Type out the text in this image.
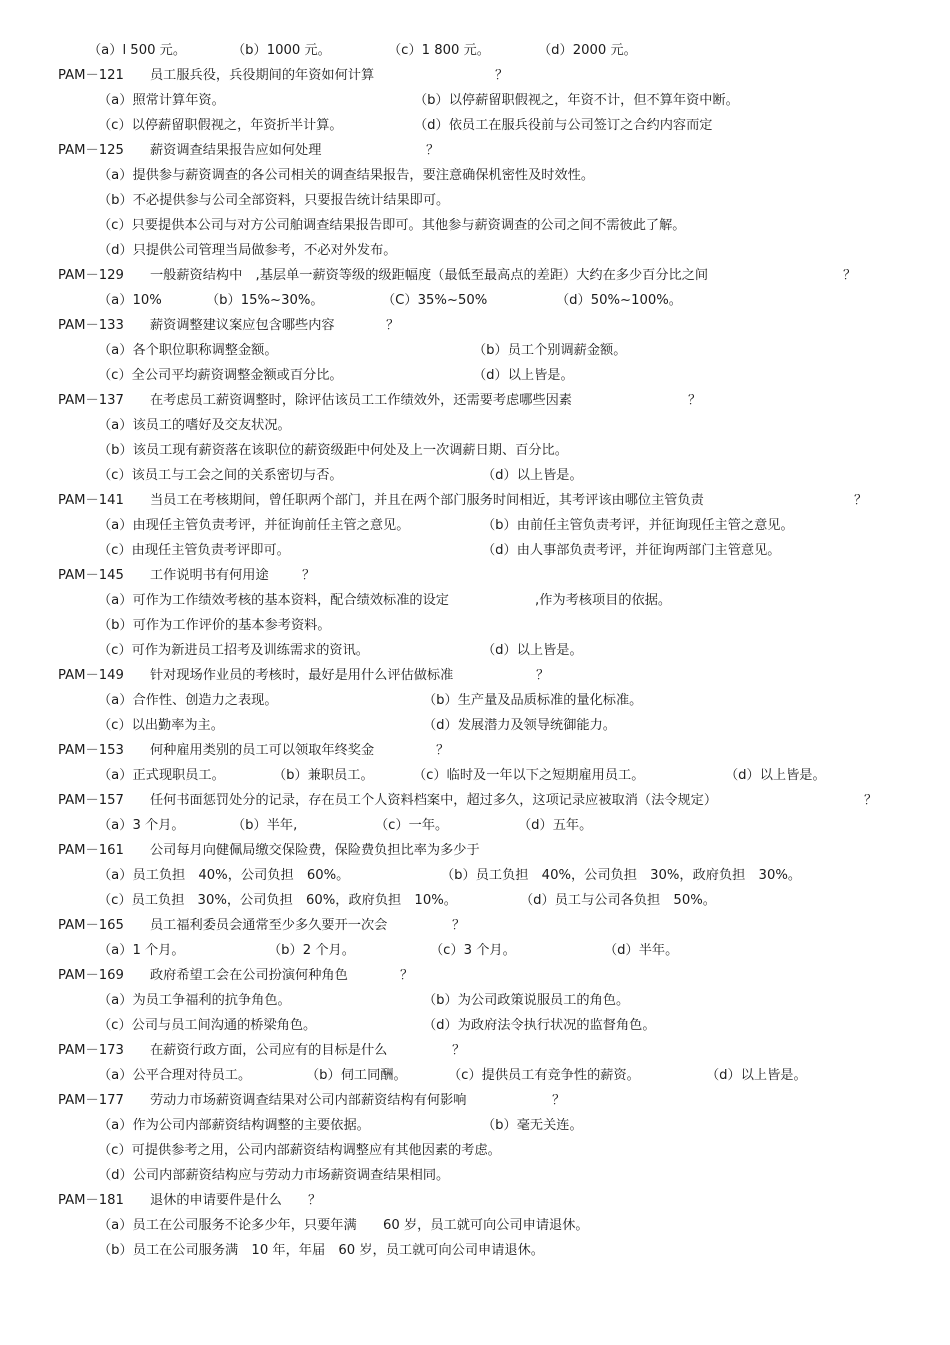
（a）l 500 元。	（b）1000 元。	（c）1 800 元。	（d）2000 元。
PAM－121 员工服兵役，兵役期间的年资如何计算	？
（a）照常计算年资。	（b）以停薪留职假视之，年资不计，但不算年资中断。
（c）以停薪留职假视之，年资折半计算。	（d）依员工在服兵役前与公司签订之合约内容而定
PAM－125 薪资调查结果报告应如何处理	？
（a）提供参与薪资调查的各公司相关的调查结果报告，要注意确保机密性及时效性。
（b）不必提供参与公司全部资料，只要报告统计结果即可。
（c）只要提供本公司与对方公司舶调查结果报告即可。其他参与薪资调查的公司之间不需彼此了解。
（d）只提供公司管理当局做参考，不必对外发布。
PAM－129 一般薪资结构中　,基层单一薪资等级的级距幅度（最低至最高点的差距）大约在多少百分比之间	？
（a）10%	（b）15%~30%。	（C）35%~50%	（d）50%~100%。
PAM－133 薪资调整建议案应包含哪些内容	？
（a）各个职位职称调整金额。	（b）员工个别调薪金额。
（c）全公司平均薪资调整金额或百分比。	（d）以上皆是。
PAM－137 在考虑员工薪资调整时，除评估该员工工作绩效外，还需要考虑哪些因素	？
（a）该员工的嗜好及交友状况。
（b）该员工现有薪资落在该职位的薪资级距中何处及上一次调薪日期、百分比。
（c）该员工与工会之间的关系密切与否。	（d）以上皆是。
PAM－141 当员工在考核期间，曾任职两个部门，并且在两个部门服务时间相近，其考评该由哪位主管负责	？
（a）由现任主管负责考评，并征询前任主管之意见。	（b）由前任主管负责考评，并征询现任主管之意见。
（c）由现任主管负责考评即可。	（d）由人事部负责考评，并征询两部门主管意见。
PAM－145 工作说明书有何用途	？
（a）可作为工作绩效考核的基本资料，配合绩效标准的设定	,作为考核项目的依据。
（b）可作为工作评价的基本参考资料。
（c）可作为新进员工招考及训练需求的资讯。	（d）以上皆是。
PAM－149 针对现场作业员的考核时，最好是用什么评估做标准	？
（a）合作性、创造力之表现。	（b）生产量及品质标准的量化标准。
（c）以出勤率为主。	（d）发展潜力及领导统御能力。
PAM－153 何种雇用类别的员工可以领取年终奖金	？
（a）正式现职员工。	（b）兼职员工。	（c）临时及一年以下之短期雇用员工。	（d）以上皆是。
PAM－157 任何书面惩罚处分的记录，存在员工个人资料档案中，超过多久，这项记录应被取消（法令规定）	？
（a）3 个月。	（b）半年,	（c）一年。	（d）五年。
PAM－161 公司每月向健佩局缴交保险费，保险费负担比率为多少于
（a）员工负担　40%，公司负担　60%。	（b）员工负担　40%，公司负担　30%，政府负担　30%。
（c）员工负担　30%，公司负担　60%，政府负担　10%。	（d）员工与公司各负担　50%。
PAM－165 员工福利委员会通常至少多久要开一次会	？
（a）1 个月。	（b）2 个月。	（c）3 个月。	（d）半年。
PAM－169 政府希望工会在公司扮演何种角色	？
（a）为员工争福利的抗争角色。	（b）为公司政策说服员工的角色。
（c）公司与员工间沟通的桥梁角色。	（d）为政府法令执行状况的监督角色。
PAM－173 在薪资行政方面，公司应有的目标是什么	？
（a）公平合理对待员工。	（b）伺工同酬。	（c）提供员工有竞争性的薪资。	（d）以上皆是。
PAM－177 劳动力市场薪资调查结果对公司内部薪资结构有何影响	？
（a）作为公司内部薪资结构调整的主要依据。	（b）毫无关连。
（c）可提供参考之用，公司内部薪资结构调整应有其他因素的考虑。
（d）公司内部薪资结构应与劳动力市场薪资调查结果相同。
PAM－181 退休的申请要件是什么 ？
（a）员工在公司服务不论多少年，只要年满　　60 岁，员工就可向公司申请退休。
（b）员工在公司服务满　10 年，年届　60 岁，员工就可向公司申请退休。
